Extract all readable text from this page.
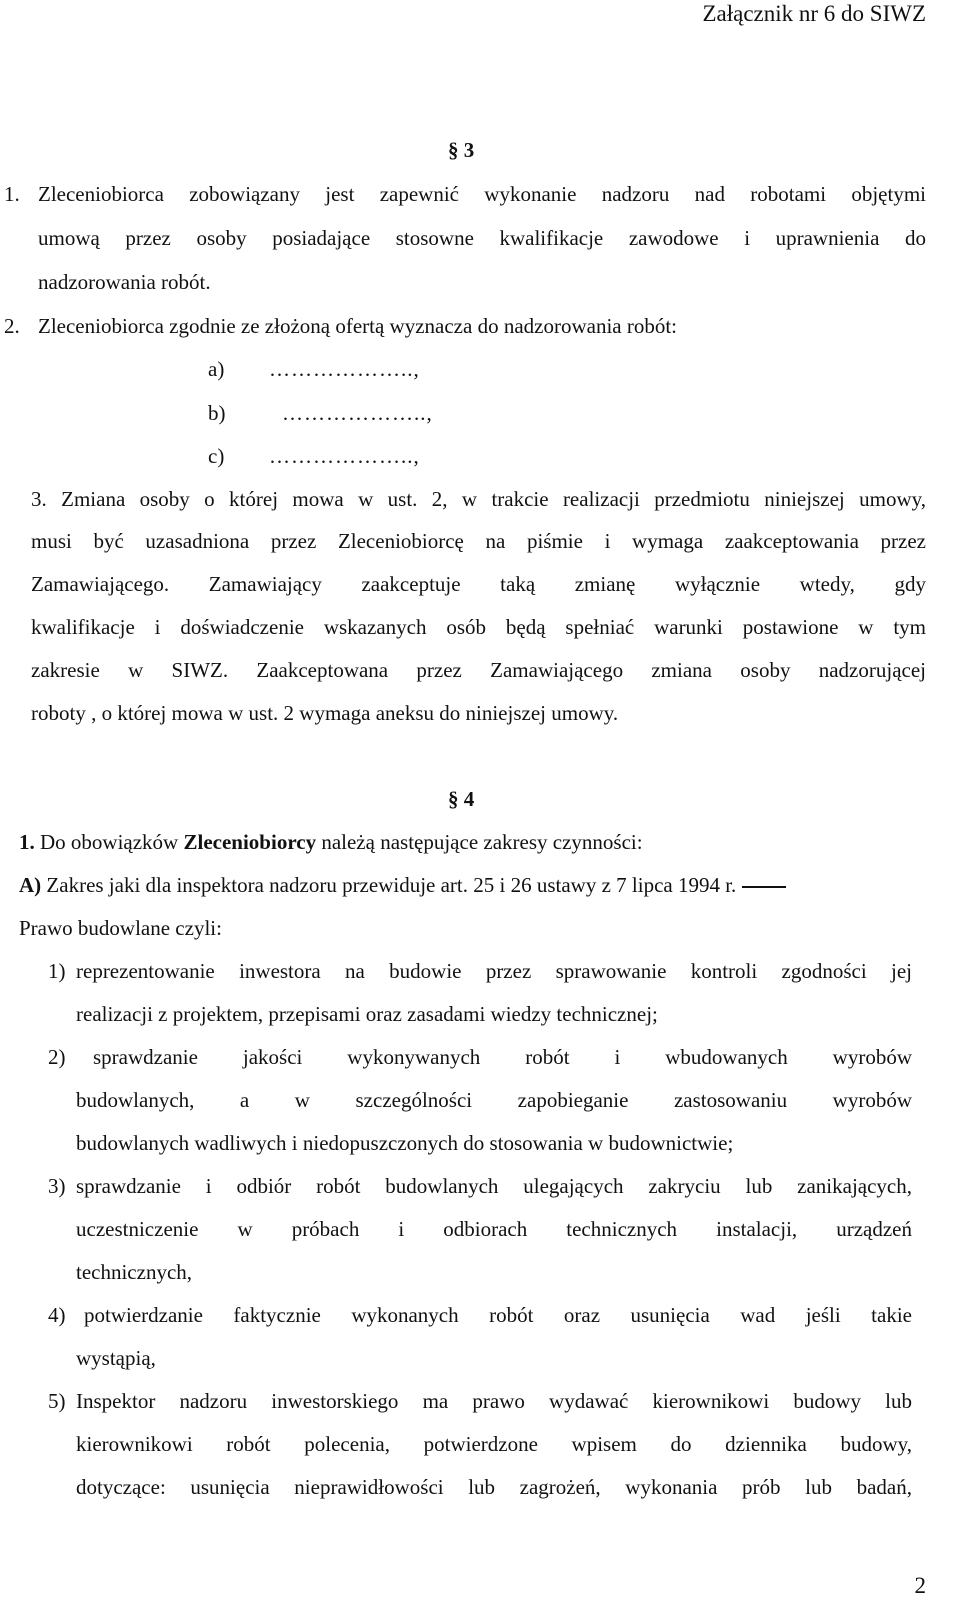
Załącznik nr 6 do SIWZ
§ 3
1. Zleceniobiorca zobowiązany jest zapewnić wykonanie nadzoru nad robotami objętymi
umową przez osoby posiadające stosowne kwalifikacje zawodowe i uprawnienia do
nadzorowania robót.
2. Zleceniobiorca zgodnie ze złożoną ofertą wyznacza do nadzorowania robót:
a) ………………..,
b)	………………..,
c) ………………..,
3. Zmiana osoby o której mowa w ust. 2, w trakcie realizacji przedmiotu niniejszej umowy,
musi być uzasadniona przez Zleceniobiorcę na piśmie i wymaga zaakceptowania przez
Zamawiającego. Zamawiający zaakceptuje taką zmianę wyłącznie wtedy, gdy
kwalifikacje i doświadczenie wskazanych osób będą spełniać warunki postawione w tym
zakresie w SIWZ. Zaakceptowana przez Zamawiającego zmiana osoby nadzorującej
roboty , o której mowa w ust. 2 wymaga aneksu do niniejszej umowy.
§ 4
1. Do obowiązków Zleceniobiorcy należą następujące zakresy czynności:
A) Zakres jaki dla inspektora nadzoru przewiduje art. 25 i 26 ustawy z 7 lipca 1994 r.
Prawo budowlane czyli:
1) reprezentowanie inwestora na budowie przez sprawowanie kontroli zgodności jej
realizacji z projektem, przepisami oraz zasadami wiedzy technicznej;
2) sprawdzanie jakości wykonywanych robót i wbudowanych wyrobów
budowlanych, a w szczególności zapobieganie zastosowaniu wyrobów
budowlanych wadliwych i niedopuszczonych do stosowania w budownictwie;
3) sprawdzanie i odbiór robót budowlanych ulegających zakryciu lub zanikających,
uczestniczenie w próbach i odbiorach technicznych instalacji, urządzeń
technicznych,
4) potwierdzanie faktycznie wykonanych robót oraz usunięcia wad jeśli takie
wystąpią,
5) Inspektor nadzoru inwestorskiego ma prawo wydawać kierownikowi budowy lub
kierownikowi robót polecenia, potwierdzone wpisem do dziennika budowy,
dotyczące: usunięcia nieprawidłowości lub zagrożeń, wykonania prób lub badań,
2
